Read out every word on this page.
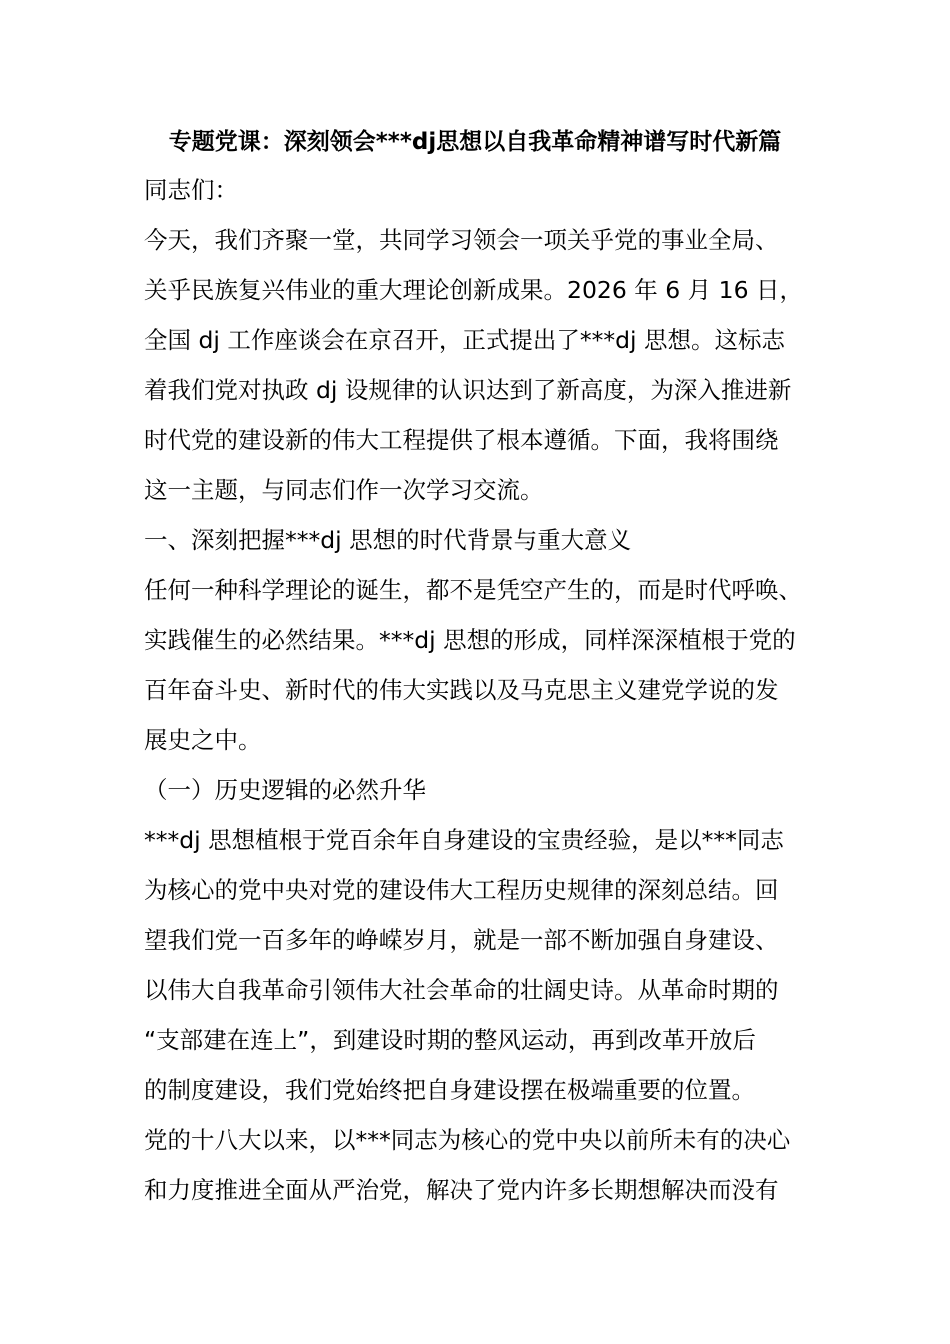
专题党课：深刻领会***dj思想以自我革命精神谱写时代新篇
同志们：
今天，我们齐聚一堂，共同学习领会一项关乎党的事业全局、
关乎民族复兴伟业的重大理论创新成果。2026 年 6 月 16 日，
全国 dj 工作座谈会在京召开，正式提出了***dj 思想。这标志
着我们党对执政 dj 设规律的认识达到了新高度，为深入推进新
时代党的建设新的伟大工程提供了根本遵循。下面，我将围绕
这一主题，与同志们作一次学习交流。
一、深刻把握***dj 思想的时代背景与重大意义
任何一种科学理论的诞生，都不是凭空产生的，而是时代呼唤、
实践催生的必然结果。***dj 思想的形成，同样深深植根于党的
百年奋斗史、新时代的伟大实践以及马克思主义建党学说的发
展史之中。
（一）历史逻辑的必然升华
***dj 思想植根于党百余年自身建设的宝贵经验，是以***同志
为核心的党中央对党的建设伟大工程历史规律的深刻总结。回
望我们党一百多年的峥嵘岁月，就是一部不断加强自身建设、
以伟大自我革命引领伟大社会革命的壮阔史诗。从革命时期的
“支部建在连上”，到建设时期的整风运动，再到改革开放后
的制度建设，我们党始终把自身建设摆在极端重要的位置。
党的十八大以来，以***同志为核心的党中央以前所未有的决心
和力度推进全面从严治党，解决了党内许多长期想解决而没有
